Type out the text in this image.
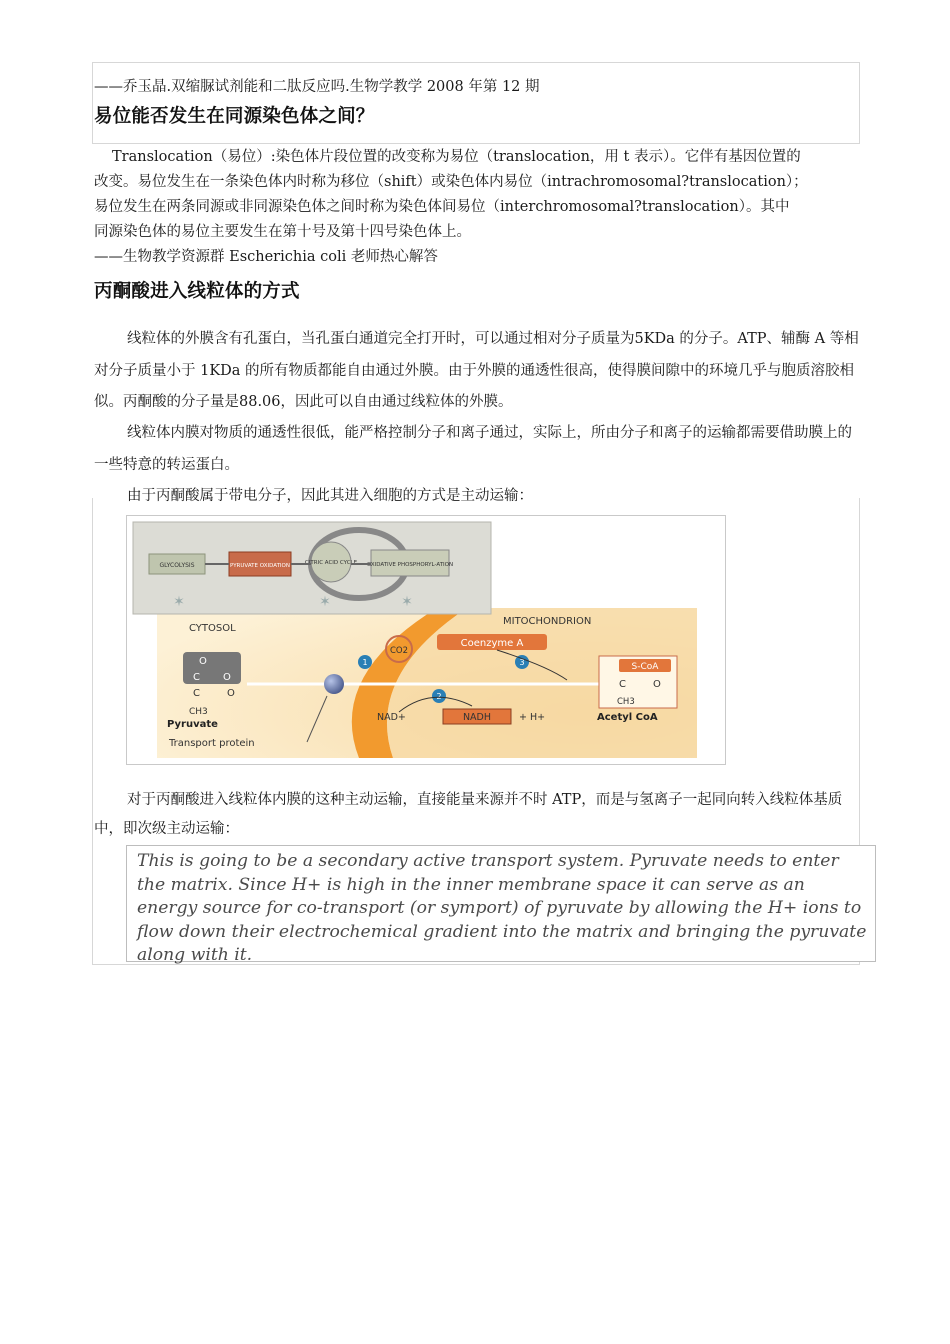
——乔玉晶.双缩脲试剂能和二肽反应吗.生物学教学 2008 年第 12 期
易位能否发生在同源染色体之间？
Translocation（易位）:染色体片段位置的改变称为易位（translocation，用 t 表示）。它伴有基因位置的
改变。易位发生在一条染色体内时称为移位（shift）或染色体内易位（intrachromosomal?translocation）；
易位发生在两条同源或非同源染色体之间时称为染色体间易位（interchromosomal?translocation）。其中
同源染色体的易位主要发生在第十号及第十四号染色体上。
——生物教学资源群 Escherichia coli 老师热心解答
丙酮酸进入线粒体的方式
线粒体的外膜含有孔蛋白，当孔蛋白通道完全打开时，可以通过相对分子质量为5KDa 的分子。ATP、辅酶 A 等相对分子质量小于 1KDa 的所有物质都能自由通过外膜。由于外膜的通透性很高，使得膜间隙中的环境几乎与胞质溶胶相似。丙酮酸的分子量是88.06，因此可以自由通过线粒体的外膜。
线粒体内膜对物质的通透性很低，能严格控制分子和离子通过，实际上，所由分子和离子的运输都需要借助膜上的一些特意的转运蛋白。
由于丙酮酸属于带电分子，因此其进入细胞的方式是主动运输：
GLYCOLYSIS	PYRUVATE OXIDATION	CITRIC ACID CYCLE OXIDATIVE PHOSPHORYL-ATION
✶	✶	✶
CYTOSOL
MITOCHONDRION
O
C O
C	O
CH3
Pyruvate
Transport protein
1
CO2
Coenzyme A
3
2
NAD+	NADH	+ H+
S-CoA
C	O
CH3
Acetyl CoA
对于丙酮酸进入线粒体内膜的这种主动运输，直接能量来源并不时 ATP，而是与氢离子一起同向转入线粒体基质中，即次级主动运输：
This is going to be a secondary active transport system. Pyruvate needs to enter the matrix. Since H+ is high in the inner membrane space it can serve as an energy source for co-transport (or symport) of pyruvate by allowing the H+ ions to flow down their electrochemical gradient into the matrix and bringing the pyruvate along with it.
